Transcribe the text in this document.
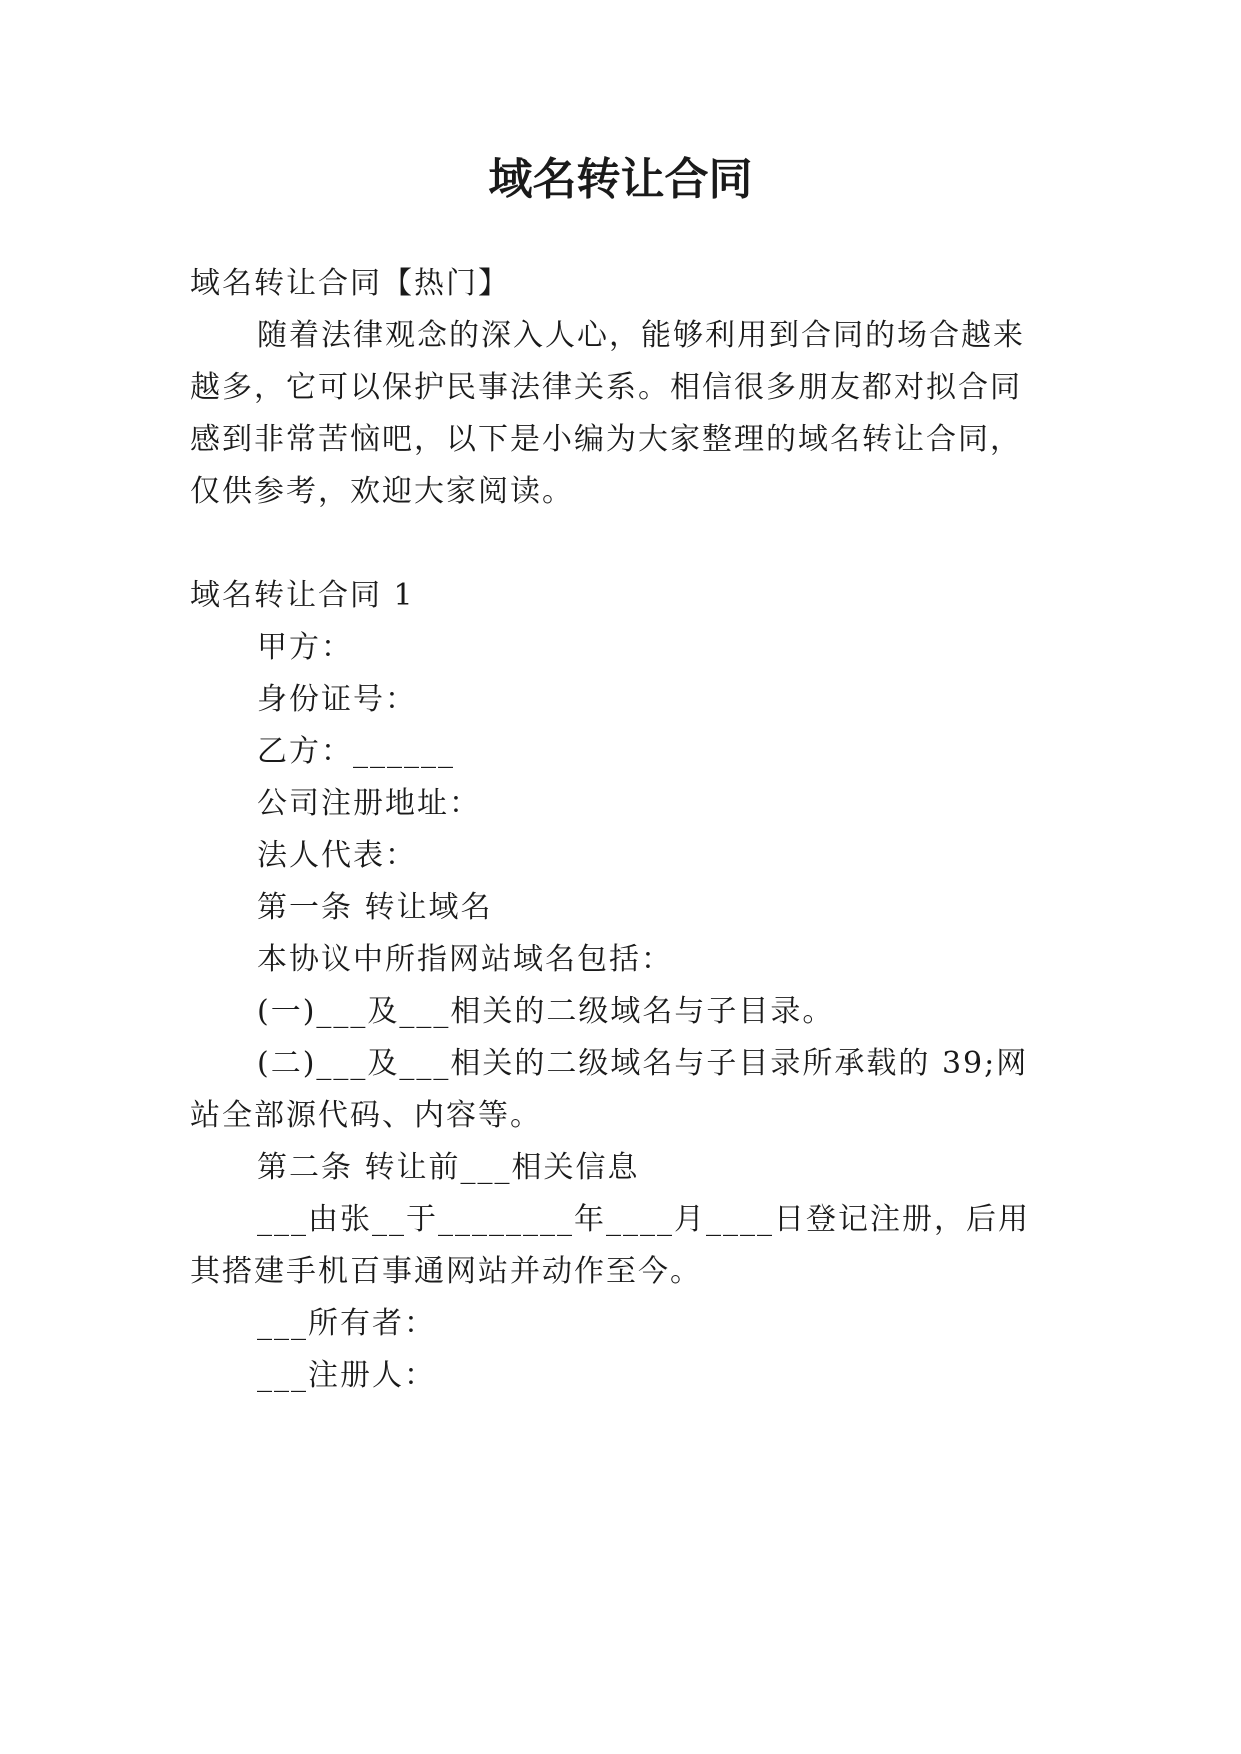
域名转让合同
域名转让合同【热门】
随着法律观念的深入人心，能够利用到合同的场合越来
越多，它可以保护民事法律关系。相信很多朋友都对拟合同
感到非常苦恼吧，以下是小编为大家整理的域名转让合同，
仅供参考，欢迎大家阅读。
域名转让合同 1
甲方：
身份证号：
乙方：______
公司注册地址：
法人代表：
第一条 转让域名
本协议中所指网站域名包括：
(一)___及___相关的二级域名与子目录。
(二)___及___相关的二级域名与子目录所承载的 39;网
站全部源代码、内容等。
第二条 转让前___相关信息
___由张__于________年____月____日登记注册，后用
其搭建手机百事通网站并动作至今。
___所有者：
___注册人：
